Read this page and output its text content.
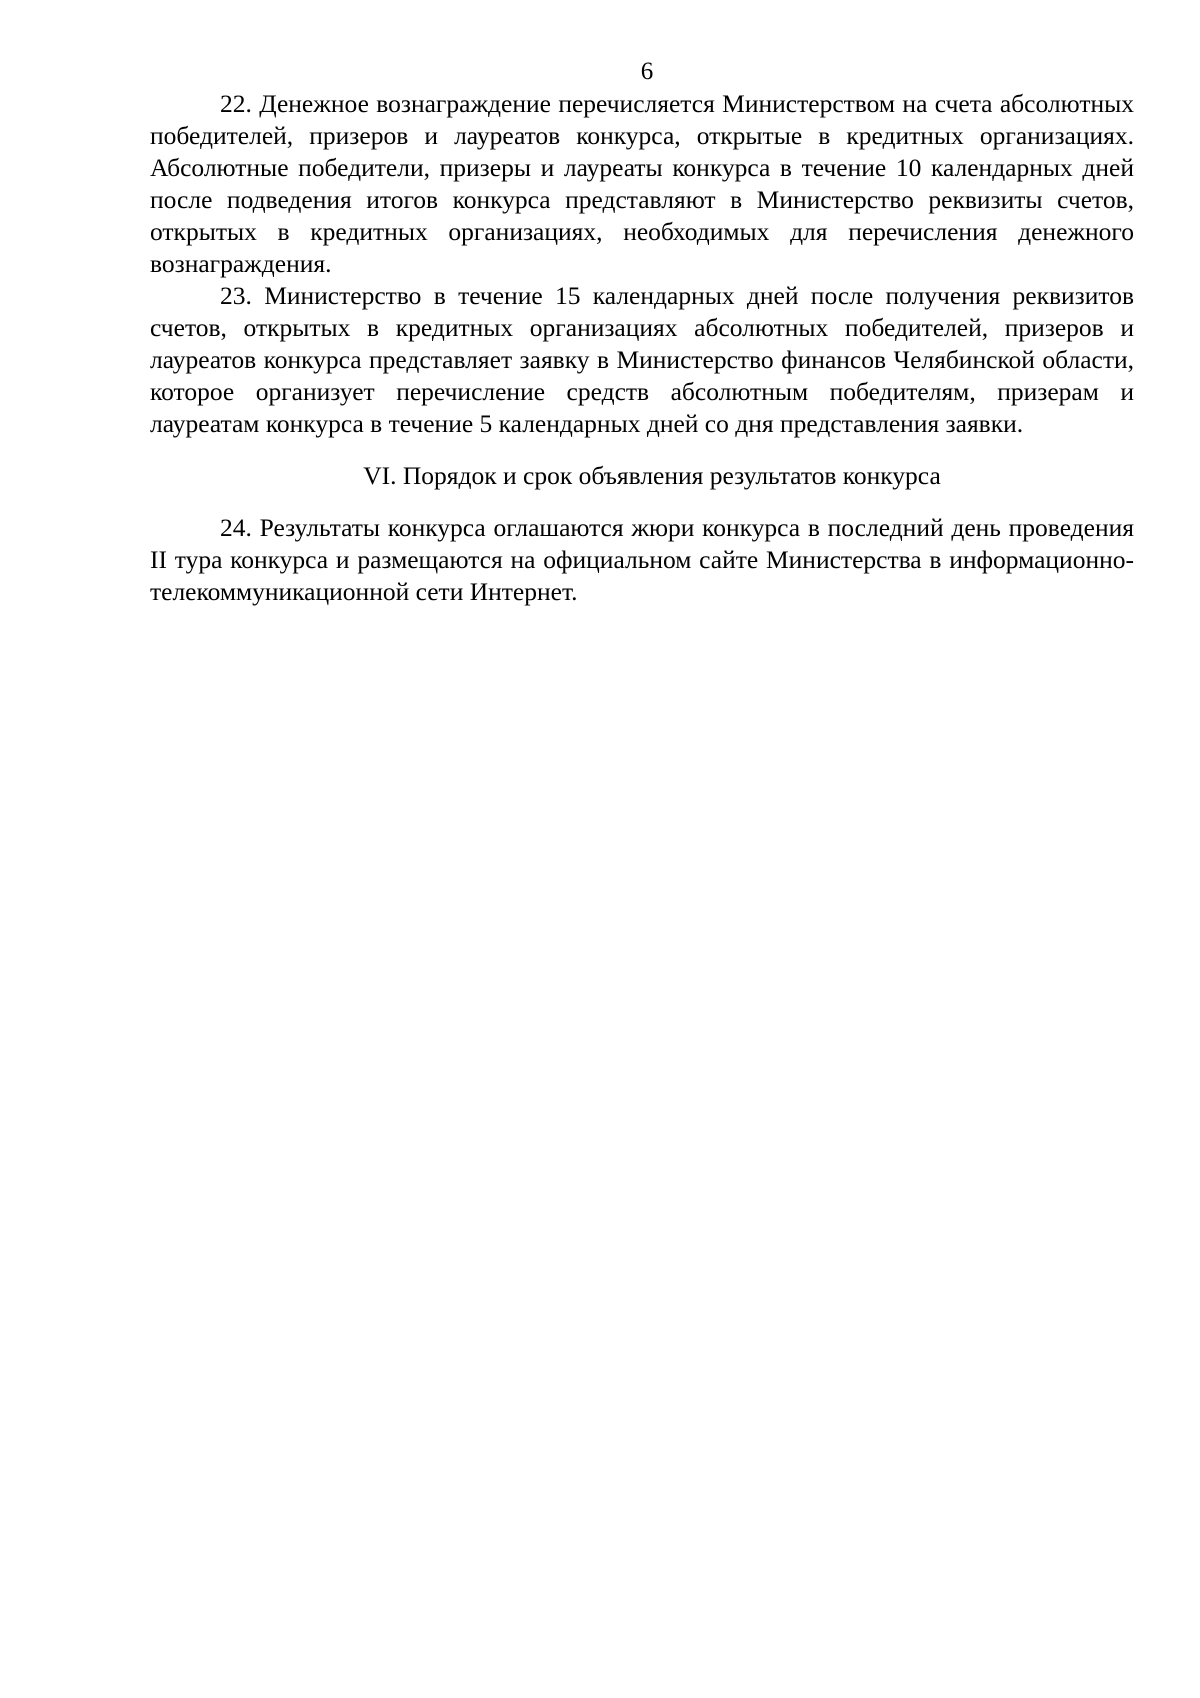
6

22. Денежное вознаграждение перечисляется Министерством на счета абсолютных победителей, призеров и лауреатов конкурса, открытые в кредитных организациях. Абсолютные победители, призеры и лауреаты конкурса в течение 10 календарных дней после подведения итогов конкурса представляют в Министерство реквизиты счетов, открытых в кредитных организациях, необходимых для перечисления денежного вознаграждения.

23. Министерство в течение 15 календарных дней после получения реквизитов счетов, открытых в кредитных организациях абсолютных победителей, призеров и лауреатов конкурса представляет заявку в Министерство финансов Челябинской области, которое организует перечисление средств абсолютным победителям, призерам и лауреатам конкурса в течение 5 календарных дней со дня представления заявки.

VI. Порядок и срок объявления результатов конкурса

24. Результаты конкурса оглашаются жюри конкурса в последний день проведения II тура конкурса и размещаются на официальном сайте Министерства в информационно-телекоммуникационной сети Интернет.
